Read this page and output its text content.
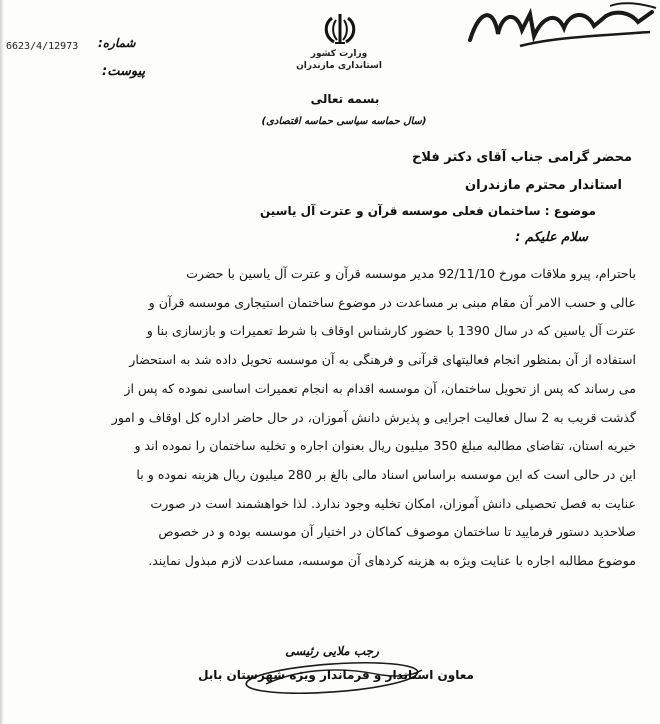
6623/4/12973 شماره:
پیوست:
وزارت کشور
استانداری مازندران
بسمه تعالی
(سال حماسه سیاسی حماسه اقتصادی)
محضر گرامی جناب آقای دکتر فلاح
استاندار محترم مازندران
موضوع : ساختمان فعلی موسسه قرآن و عترت آل یاسین
سلام علیکم :
باحترام، پیرو ملاقات مورخ 92/11/10 مدیر موسسه قرآن و عترت آل یاسین با حضرت
عالی و حسب الامر آن مقام مبنی بر مساعدت در موضوع ساختمان استیجاری موسسه قرآن و
عترت آل یاسین که در سال 1390 با حضور کارشناس اوقاف با شرط تعمیرات و بازسازی بنا و
استفاده از آن بمنظور انجام فعالیتهای قرآنی و فرهنگی به آن موسسه تحویل داده شد به استحضار
می رساند که پس از تحویل ساختمان، آن موسسه اقدام به انجام تعمیرات اساسی نموده که پس از
گذشت قریب به 2 سال فعالیت اجرایی و پذیرش دانش آموزان، در حال حاضر اداره کل اوقاف و امور
خیریه استان، تقاضای مطالبه مبلغ 350 میلیون ریال بعنوان اجاره و تخلیه ساختمان را نموده اند و
این در حالی است که این موسسه براساس اسناد مالی بالغ بر 280 میلیون ریال هزینه نموده و با
عنایت به فصل تحصیلی دانش آموزان، امکان تخلیه وجود ندارد. لذا خواهشمند است در صورت
صلاحدید دستور فرمایید تا ساختمان موصوف کماکان در اختیار آن موسسه بوده و در خصوص
موضوع مطالبه اجاره با عنایت ویژه به هزینه کردهای آن موسسه، مساعدت لازم مبذول نمایند.
رجب ملایی رئیسی
معاون استاندار و فرماندار ویژه شهرستان بابل
